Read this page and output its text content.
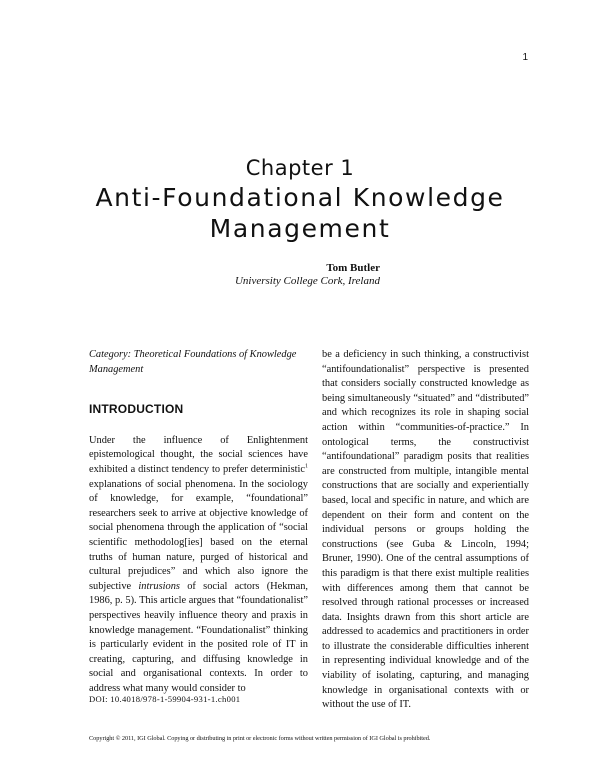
1
Chapter 1
Anti-Foundational Knowledge
Management
Tom Butler
University College Cork, Ireland

Category: Theoretical Foundations of Knowledge Management

INTRODUCTION

Under the influence of Enlightenment epistemological thought, the social sciences have exhibited a distinct tendency to prefer deterministic$^1$ explanations of social phenomena. In the sociology of knowledge, for example, “foundational” researchers seek to arrive at objective knowledge of social phenomena through the application of “social scientific methodolog[ies] based on the eternal truths of human nature, purged of historical and cultural prejudices” and which also ignore the subjective intrusions of social actors (Hekman, 1986, p. 5). This article argues that “foundationalist” perspectives heavily influence theory and praxis in knowledge management. “Foundationalist” thinking is particularly evident in the posited role of IT in creating, capturing, and diffusing knowledge in social and organisational contexts. In order to address what many would consider to

be a deficiency in such thinking, a constructivist “antifoundationalist” perspective is presented that considers socially constructed knowledge as being simultaneously “situated” and “distributed” and which recognizes its role in shaping social action within “communities-of-practice.” In ontological terms, the constructivist “antifoundational” paradigm posits that realities are constructed from multiple, intangible mental constructions that are socially and experientially based, local and specific in nature, and which are dependent on their form and content on the individual persons or groups holding the constructions (see Guba & Lincoln, 1994; Bruner, 1990). One of the central assumptions of this paradigm is that there exist multiple realities with differences among them that cannot be resolved through rational processes or increased data. Insights drawn from this short article are addressed to academics and practitioners in order to illustrate the considerable difficulties inherent in representing individual knowledge and of the viability of isolating, capturing, and managing knowledge in organisational contexts with or without the use of IT.

DOI: 10.4018/978-1-59904-931-1.ch001
Copyright © 2011, IGI Global. Copying or distributing in print or electronic forms without written permission of IGI Global is prohibited.
